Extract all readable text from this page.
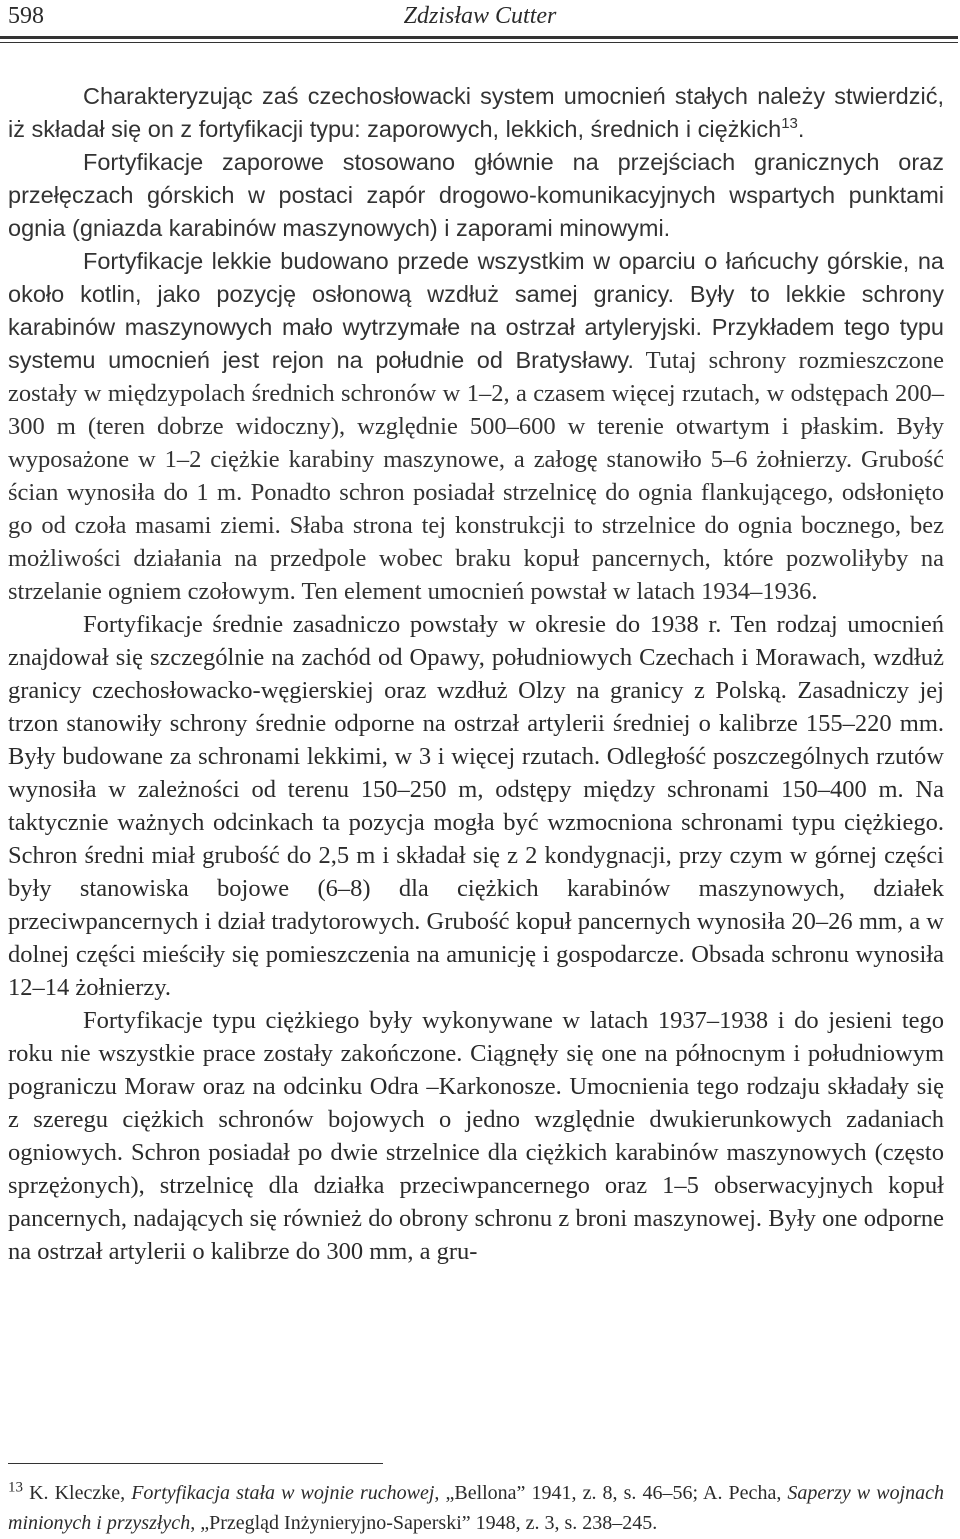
598	Zdzisław Cutter

Charakteryzując zaś czechosłowacki system umocnień stałych należy stwierdzić, iż składał się on z fortyfikacji typu: zaporowych, lekkich, średnich i ciężkich$^{13}$.

Fortyfikacje zaporowe stosowano głównie na przejściach granicznych oraz przełęczach górskich w postaci zapór drogowo-komunikacyjnych wspartych punktami ognia (gniazda karabinów maszynowych) i zaporami minowymi.

Fortyfikacje lekkie budowano przede wszystkim w oparciu o łańcuchy górskie, na około kotlin, jako pozycję osłonową wzdłuż samej granicy. Były to lekkie schrony karabinów maszynowych mało wytrzymałe na ostrzał artyleryjski. Przykładem tego typu systemu umocnień jest rejon na południe od Bratysławy. Tutaj schrony rozmieszczone zostały w międzypolach średnich schronów w 1–2, a czasem więcej rzutach, w odstępach 200–300 m (teren dobrze widoczny), względnie 500–600 w terenie otwartym i płaskim. Były wyposażone w 1–2 ciężkie karabiny maszynowe, a załogę stanowiło 5–6 żołnierzy. Grubość ścian wynosiła do 1 m. Ponadto schron posiadał strzelnicę do ognia flankującego, odsłonięto go od czoła masami ziemi. Słaba strona tej konstrukcji to strzelnice do ognia bocznego, bez możliwości działania na przedpole wobec braku kopuł pancernych, które pozwoliłyby na strzelanie ogniem czołowym. Ten element umocnień powstał w latach 1934–1936.

Fortyfikacje średnie zasadniczo powstały w okresie do 1938 r. Ten rodzaj umocnień znajdował się szczególnie na zachód od Opawy, południowych Czechach i Morawach, wzdłuż granicy czechosłowacko-węgierskiej oraz wzdłuż Olzy na granicy z Polską. Zasadniczy jej trzon stanowiły schrony średnie odporne na ostrzał artylerii średniej o kalibrze 155–220 mm. Były budowane za schronami lekkimi, w 3 i więcej rzutach. Odległość poszczególnych rzutów wynosiła w zależności od terenu 150–250 m, odstępy między schronami 150–400 m. Na taktycznie ważnych odcinkach ta pozycja mogła być wzmocniona schronami typu ciężkiego. Schron średni miał grubość do 2,5 m i składał się z 2 kondygnacji, przy czym w górnej części były stanowiska bojowe (6–8) dla ciężkich karabinów maszynowych, działek przeciwpancernych i dział tradytorowych. Grubość kopuł pancernych wynosiła 20–26 mm, a w dolnej części mieściły się pomieszczenia na amunicję i gospodarcze. Obsada schronu wynosiła 12–14 żołnierzy.

Fortyfikacje typu ciężkiego były wykonywane w latach 1937–1938 i do jesieni tego roku nie wszystkie prace zostały zakończone. Ciągnęły się one na północnym i południowym pograniczu Moraw oraz na odcinku Odra –Karkonosze. Umocnienia tego rodzaju składały się z szeregu ciężkich schronów bojowych o jedno względnie dwukierunkowych zadaniach ogniowych. Schron posiadał po dwie strzelnice dla ciężkich karabinów maszynowych (często sprzężonych), strzelnicę dla działka przeciwpancernego oraz 1–5 obserwacyjnych kopuł pancernych, nadających się również do obrony schronu z broni maszynowej. Były one odporne na ostrzał artylerii o kalibrze do 300 mm, a gru-

$^{13}$ K. Kleczke, Fortyfikacja stała w wojnie ruchowej, „Bellona” 1941, z. 8, s. 46–56; A. Pecha, Saperzy w wojnach minionych i przyszłych, „Przegląd Inżynieryjno-Saperski” 1948, z. 3, s. 238–245.
